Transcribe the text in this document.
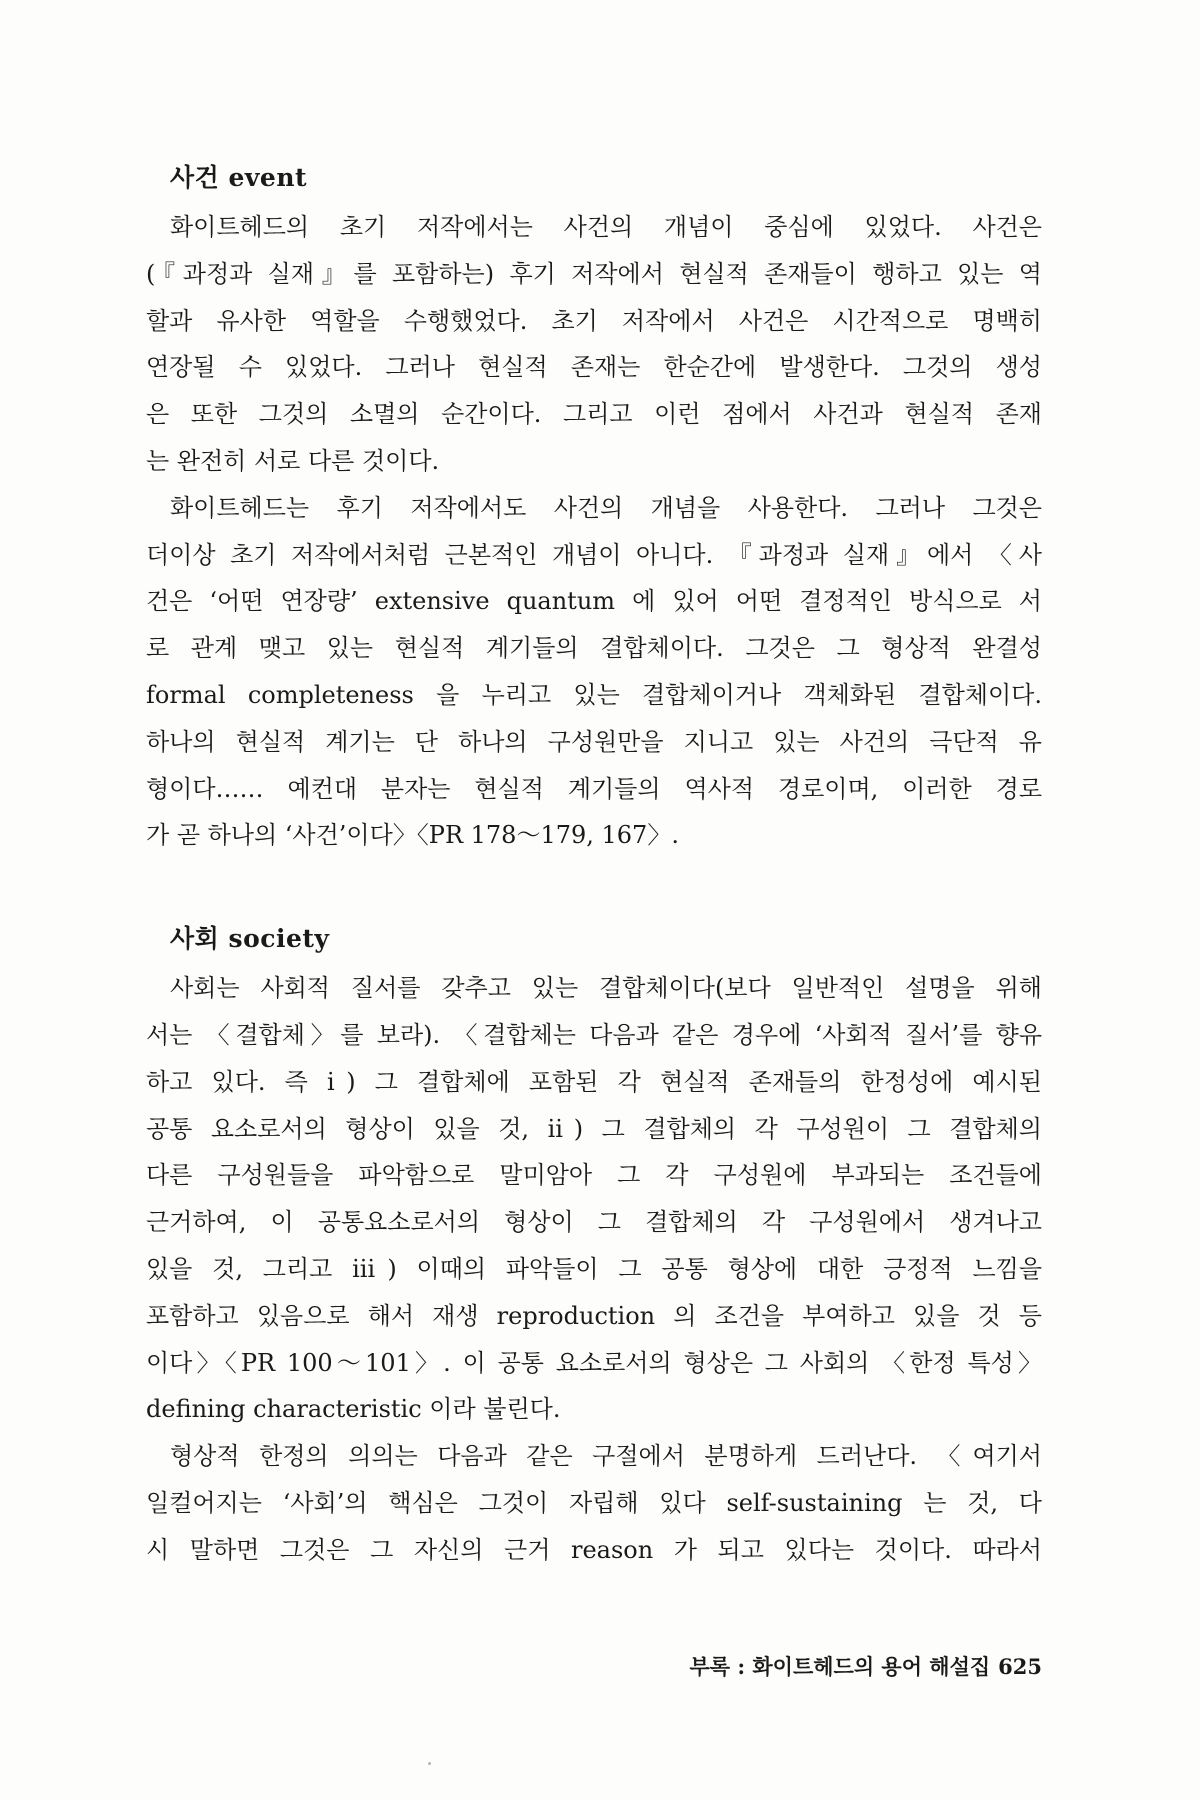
사건 event
화이트헤드의 초기 저작에서는 사건의 개념이 중심에 있었다. 사건은
(『과정과 실재』를 포함하는) 후기 저작에서 현실적 존재들이 행하고 있는 역
할과 유사한 역할을 수행했었다. 초기 저작에서 사건은 시간적으로 명백히
연장될 수 있었다. 그러나 현실적 존재는 한순간에 발생한다. 그것의 생성
은 또한 그것의 소멸의 순간이다. 그리고 이런 점에서 사건과 현실적 존재
는 완전히 서로 다른 것이다.
화이트헤드는 후기 저작에서도 사건의 개념을 사용한다. 그러나 그것은
더이상 초기 저작에서처럼 근본적인 개념이 아니다. 『과정과 실재』에서 〈사
건은 ‘어떤 연장량’ extensive quantum 에 있어 어떤 결정적인 방식으로 서
로 관계 맺고 있는 현실적 계기들의 결합체이다. 그것은 그 형상적 완결성
formal completeness 을 누리고 있는 결합체이거나 객체화된 결합체이다.
하나의 현실적 계기는 단 하나의 구성원만을 지니고 있는 사건의 극단적 유
형이다…… 예컨대 분자는 현실적 계기들의 역사적 경로이며, 이러한 경로
가 곧 하나의 ‘사건’이다〉〈PR 178～179, 167〉.
사회 society
사회는 사회적 질서를 갖추고 있는 결합체이다(보다 일반적인 설명을 위해
서는 〈결합체〉를 보라). 〈결합체는 다음과 같은 경우에 ‘사회적 질서’를 향유
하고 있다. 즉 ⅰ) 그 결합체에 포함된 각 현실적 존재들의 한정성에 예시된
공통 요소로서의 형상이 있을 것, ⅱ) 그 결합체의 각 구성원이 그 결합체의
다른 구성원들을 파악함으로 말미암아 그 각 구성원에 부과되는 조건들에
근거하여, 이 공통요소로서의 형상이 그 결합체의 각 구성원에서 생겨나고
있을 것, 그리고 ⅲ) 이때의 파악들이 그 공통 형상에 대한 긍정적 느낌을
포함하고 있음으로 해서 재생 reproduction 의 조건을 부여하고 있을 것 등
이다〉〈PR 100～101〉. 이 공통 요소로서의 형상은 그 사회의 〈한정 특성〉
defining characteristic 이라 불린다.
형상적 한정의 의의는 다음과 같은 구절에서 분명하게 드러난다. 〈여기서
일컬어지는 ‘사회’의 핵심은 그것이 자립해 있다 self-sustaining 는 것, 다
시 말하면 그것은 그 자신의 근거 reason 가 되고 있다는 것이다. 따라서
부록 : 화이트헤드의 용어 해설집 625
